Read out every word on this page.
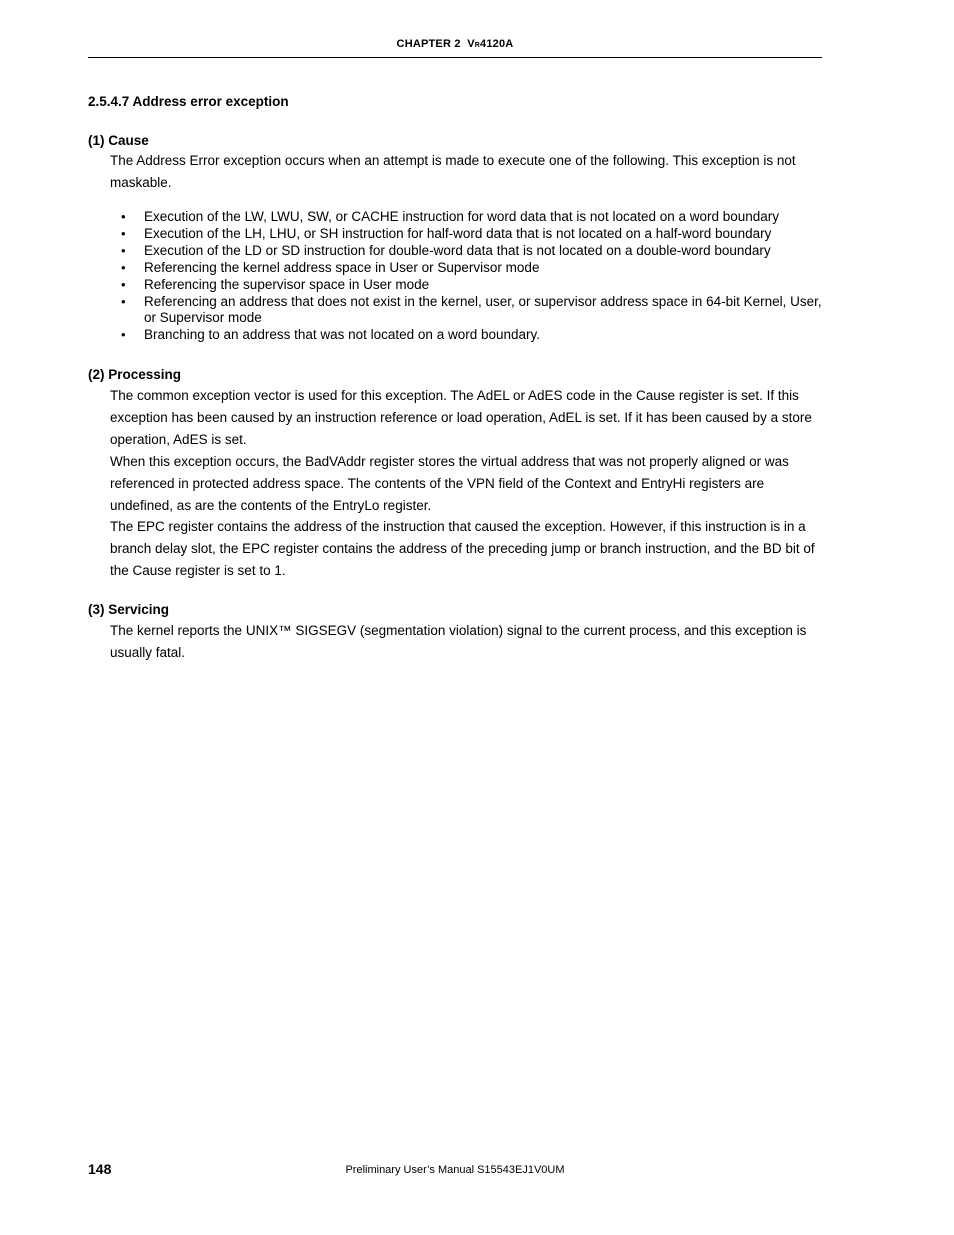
CHAPTER 2 VR4120A
2.5.4.7 Address error exception
(1) Cause

The Address Error exception occurs when an attempt is made to execute one of the following. This exception is not maskable.

• Execution of the LW, LWU, SW, or CACHE instruction for word data that is not located on a word boundary
• Execution of the LH, LHU, or SH instruction for half-word data that is not located on a half-word boundary
• Execution of the LD or SD instruction for double-word data that is not located on a double-word boundary
• Referencing the kernel address space in User or Supervisor mode
• Referencing the supervisor space in User mode
• Referencing an address that does not exist in the kernel, user, or supervisor address space in 64-bit Kernel, User, or Supervisor mode
• Branching to an address that was not located on a word boundary.
(2) Processing

The common exception vector is used for this exception. The AdEL or AdES code in the Cause register is set. If this exception has been caused by an instruction reference or load operation, AdEL is set. If it has been caused by a store operation, AdES is set.

When this exception occurs, the BadVAddr register stores the virtual address that was not properly aligned or was referenced in protected address space. The contents of the VPN field of the Context and EntryHi registers are undefined, as are the contents of the EntryLo register.

The EPC register contains the address of the instruction that caused the exception. However, if this instruction is in a branch delay slot, the EPC register contains the address of the preceding jump or branch instruction, and the BD bit of the Cause register is set to 1.

(3) Servicing

The kernel reports the UNIX™ SIGSEGV (segmentation violation) signal to the current process, and this exception is usually fatal.

148	Preliminary User’s Manual S15543EJ1V0UM
